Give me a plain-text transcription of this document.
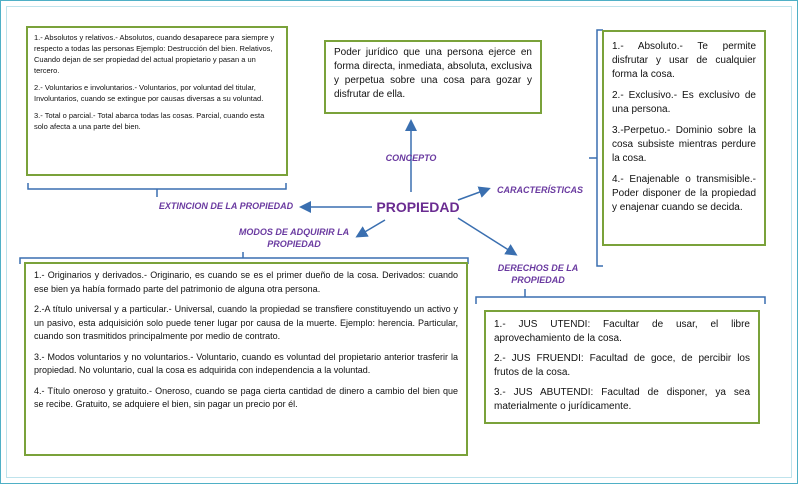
1.- Absolutos y relativos.- Absolutos, cuando desaparece para siempre y respecto a todas las personas Ejemplo: Destrucción del bien. Relativos, Cuando dejan de ser propiedad del actual propietario y pasan a un tercero.

2.- Voluntarios e involuntarios.- Voluntarios, por voluntad del titular, Involuntarios, cuando se extingue por causas diversas a su voluntad.

3.- Total o parcial.- Total abarca todas las cosas. Parcial, cuando esta solo afecta a una parte del bien.

Poder jurídico que una persona ejerce en forma directa, inmediata, absoluta, exclusiva y perpetua sobre una cosa para gozar y disfrutar de ella.

1.- Absoluto.- Te permite disfrutar y usar de cualquier forma la cosa.

2.- Exclusivo.- Es exclusivo de una persona.

3.-Perpetuo.- Dominio sobre la cosa subsiste mientras perdure la cosa.

4.- Enajenable o transmisible.- Poder disponer de la propiedad y enajenar cuando se decida.

1.- Originarios y derivados.- Originario, es cuando se es el primer dueño de la cosa. Derivados: cuando ese bien ya había formado parte del patrimonio de alguna otra persona.

2.-A título universal y a particular.- Universal, cuando la propiedad se transfiere constituyendo un activo y un pasivo, esta adquisición solo puede tener lugar por causa de la muerte. Ejemplo: herencia. Particular, cuando son trasmitidos principalmente por medio de contrato.

3.- Modos voluntarios y no voluntarios.- Voluntario, cuando es voluntad del propietario anterior trasferir la propiedad. No voluntario, cual la cosa es adquirida con independencia a la voluntad.

4.- Título oneroso y gratuito.- Oneroso, cuando se paga cierta cantidad de dinero a cambio del bien que se recibe. Gratuito, se adquiere el bien, sin pagar un precio por él.

1.- JUS UTENDI: Facultar de usar, el libre aprovechamiento de la cosa.

2.- JUS FRUENDI: Facultad de goce, de percibir los frutos de la cosa.

3.- JUS ABUTENDI: Facultad de disponer, ya sea materialmente o jurídicamente.

PROPIEDAD
CONCEPTO
CARACTERÍSTICAS
EXTINCION DE LA PROPIEDAD
MODOS DE ADQUIRIR LA PROPIEDAD
DERECHOS DE LA PROPIEDAD
